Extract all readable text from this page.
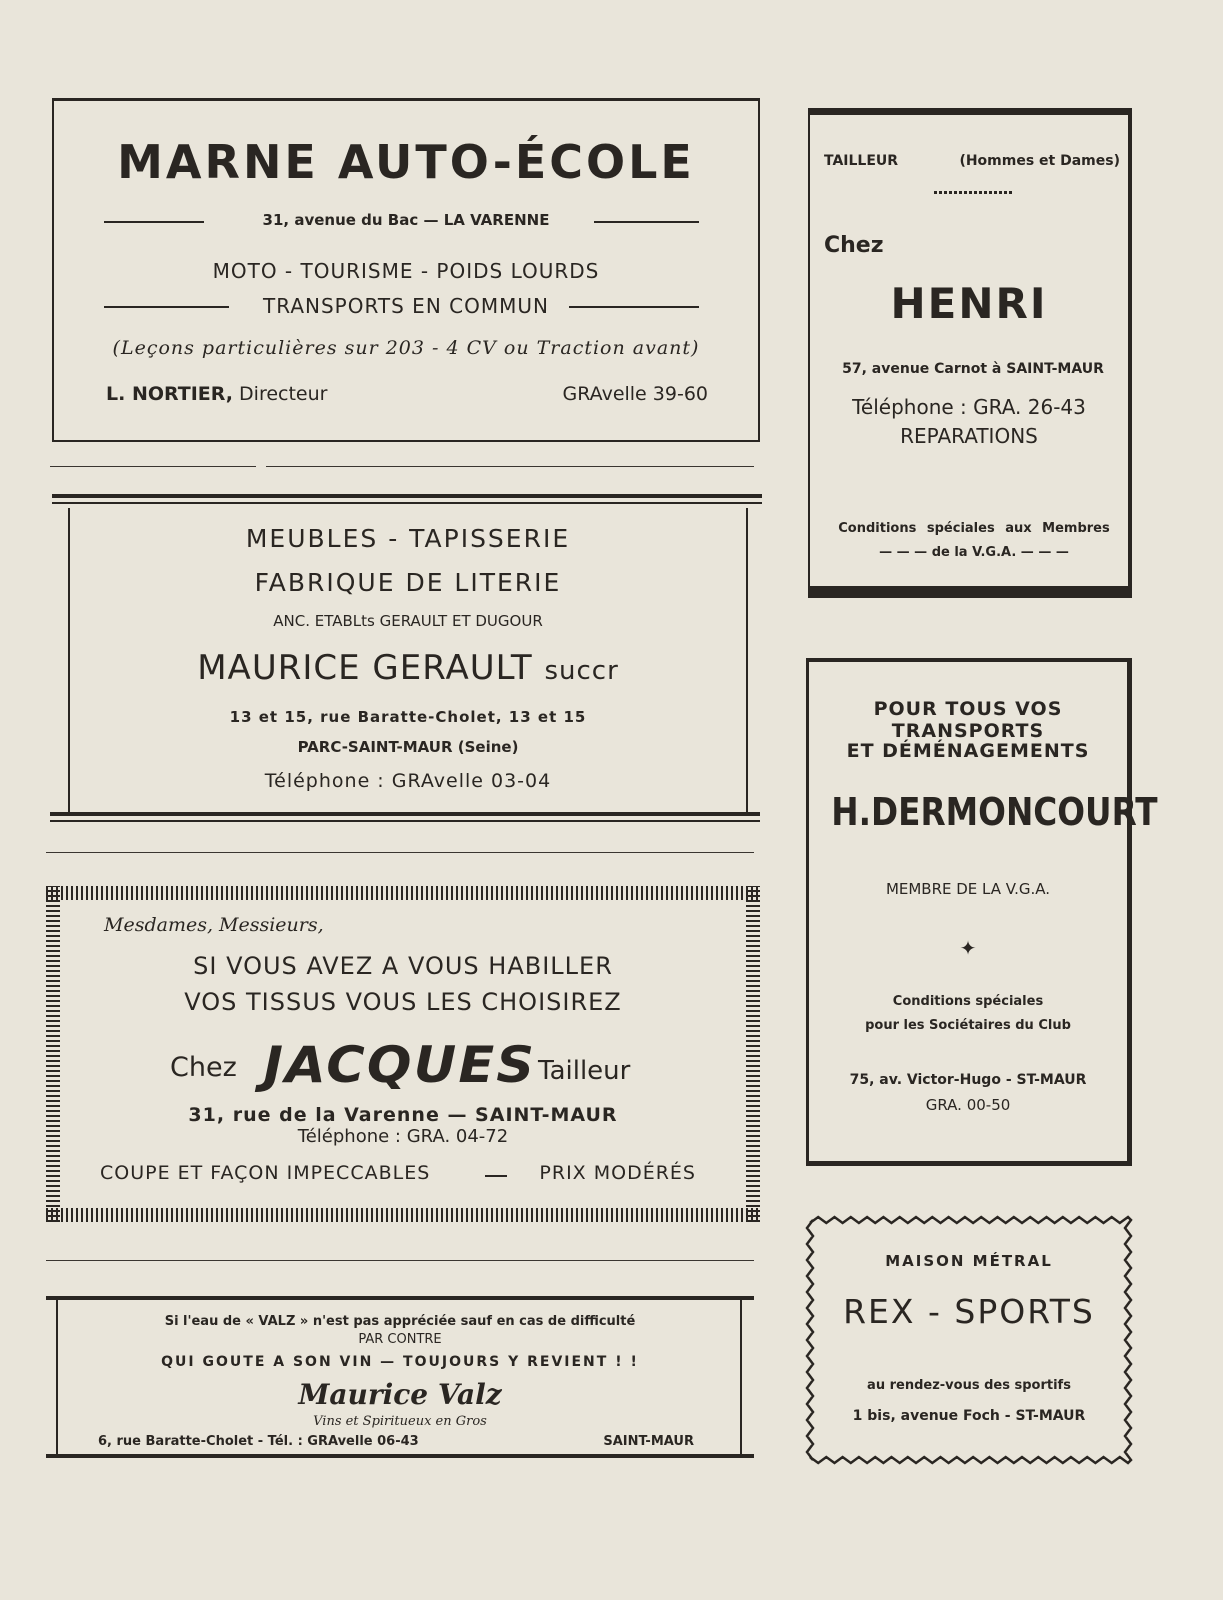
MARNE AUTO-ÉCOLE
31, avenue du Bac — LA VARENNE
MOTO - TOURISME - POIDS LOURDS
TRANSPORTS EN COMMUN
(Leçons particulières sur 203 - 4 CV ou Traction avant)
L. NORTIER, Directeur	GRAvelle 39-60
MEUBLES - TAPISSERIE
FABRIQUE DE LITERIE
ANC. ETABLts GERAULT ET DUGOUR
MAURICE GERAULT succr
13 et 15, rue Baratte-Cholet, 13 et 15
PARC-SAINT-MAUR (Seine)
Téléphone : GRAvelle 03-04
Mesdames, Messieurs,
SI VOUS AVEZ A VOUS HABILLER
VOS TISSUS VOUS LES CHOISIREZ
Chez JACQUES Tailleur
31, rue de la Varenne — SAINT-MAUR
Téléphone : GRA. 04-72
COUPE ET FAÇON IMPECCABLES	PRIX MODÉRÉS
Si l'eau de « VALZ » n'est pas appréciée sauf en cas de difficulté
PAR CONTRE
QUI GOUTE A SON VIN — TOUJOURS Y REVIENT ! !
Maurice Valz
Vins et Spiritueux en Gros
6, rue Baratte-Cholet - Tél. : GRAvelle 06-43	SAINT-MAUR
TAILLEUR	(Hommes et Dames)
Chez
HENRI
57, avenue Carnot à SAINT-MAUR
Téléphone : GRA. 26-43
REPARATIONS
Conditions spéciales aux Membres
— — — de la V.G.A. — — —
POUR TOUS VOS TRANSPORTS
ET DÉMÉNAGEMENTS
H.DERMONCOURT
MEMBRE DE LA V.G.A.
✦
Conditions spéciales
pour les Sociétaires du Club
75, av. Victor-Hugo - ST-MAUR
GRA. 00-50
MAISON MÉTRAL
REX - SPORTS
au rendez-vous des sportifs
1 bis, avenue Foch - ST-MAUR
